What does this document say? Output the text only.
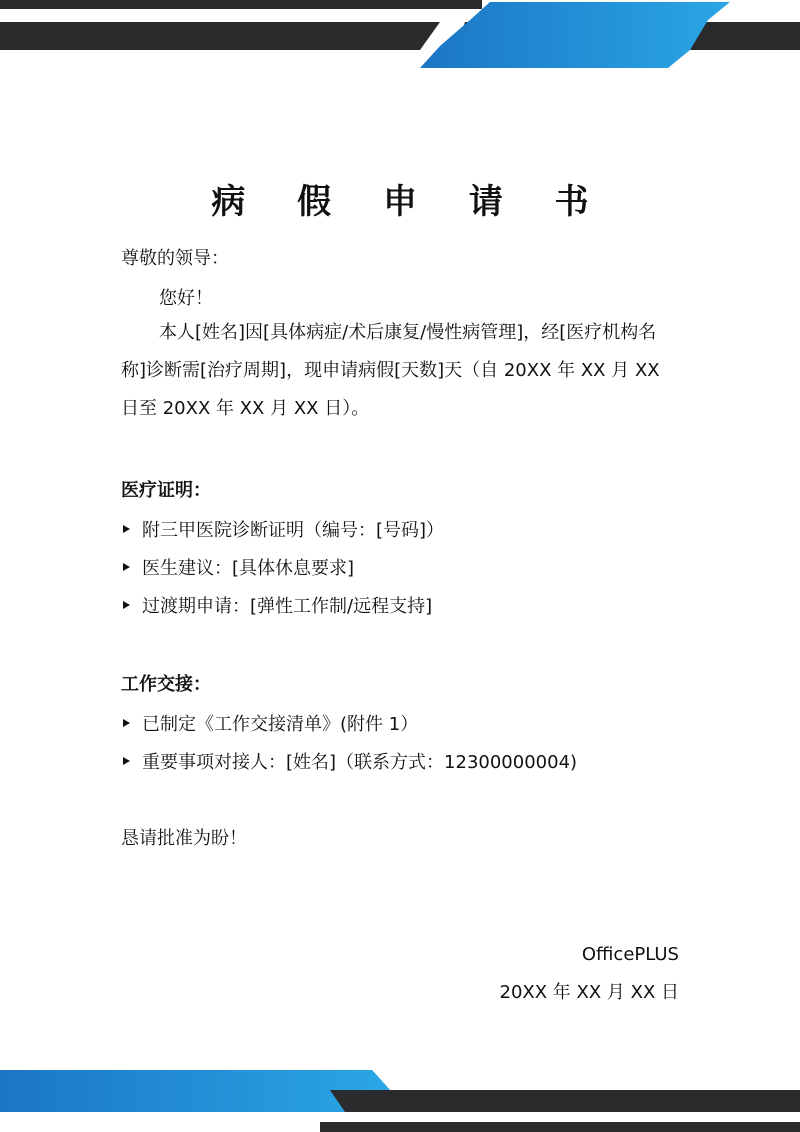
病 假 申 请 书
尊敬的领导：
您好！
本人[姓名]因[具体病症/术后康复/慢性病管理]，经[医疗机构名称]诊断需[治疗周期]，现申请病假[天数]天（自 20XX 年 XX 月 XX 日至 20XX 年 XX 月 XX 日）。
医疗证明：
附三甲医院诊断证明（编号：[号码]）
医生建议：[具体休息要求]
过渡期申请：[弹性工作制/远程支持]
工作交接：
已制定《工作交接清单》(附件 1）
重要事项对接人：[姓名]（联系方式：12300000004)
恳请批准为盼！
OfficePLUS
20XX 年 XX 月 XX 日
